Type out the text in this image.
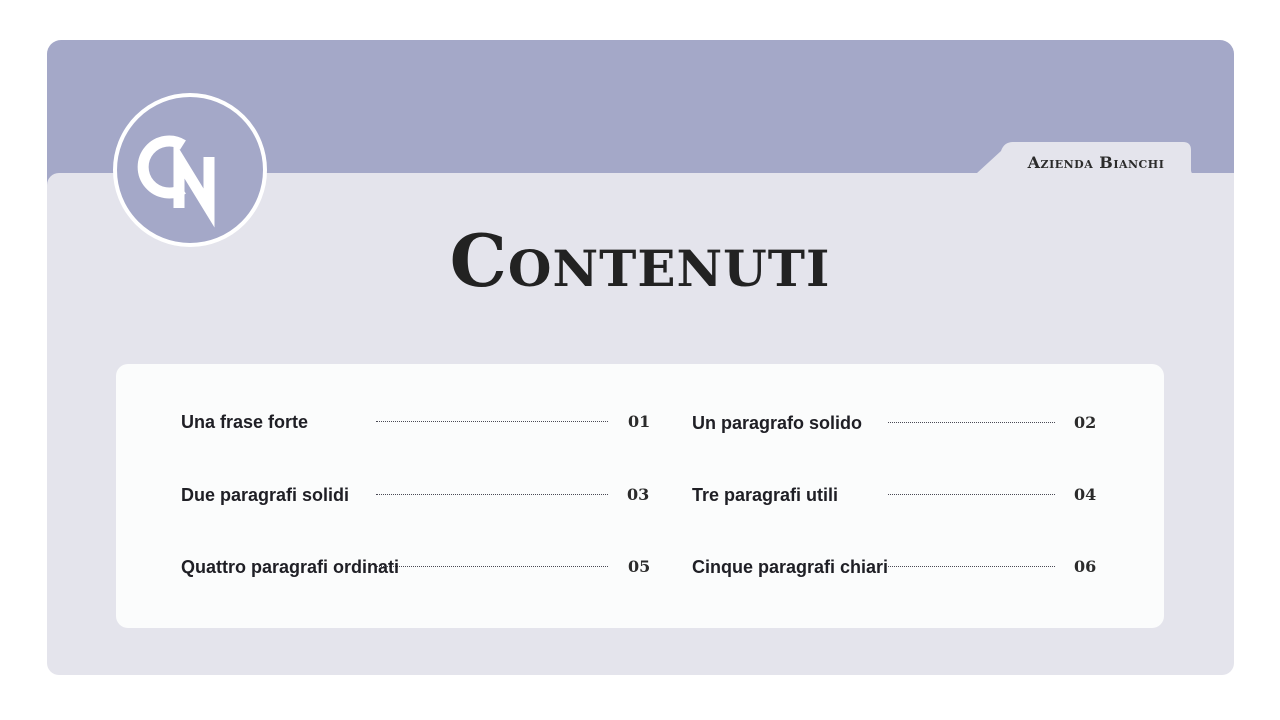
Azienda Bianchi
Contenuti
Una frase forte	01 Un paragrafo solido	02
Due paragrafi solidi	03 Tre paragrafi utili	04
Quattro paragrafi ordinati	05 Cinque paragrafi chiari	06
